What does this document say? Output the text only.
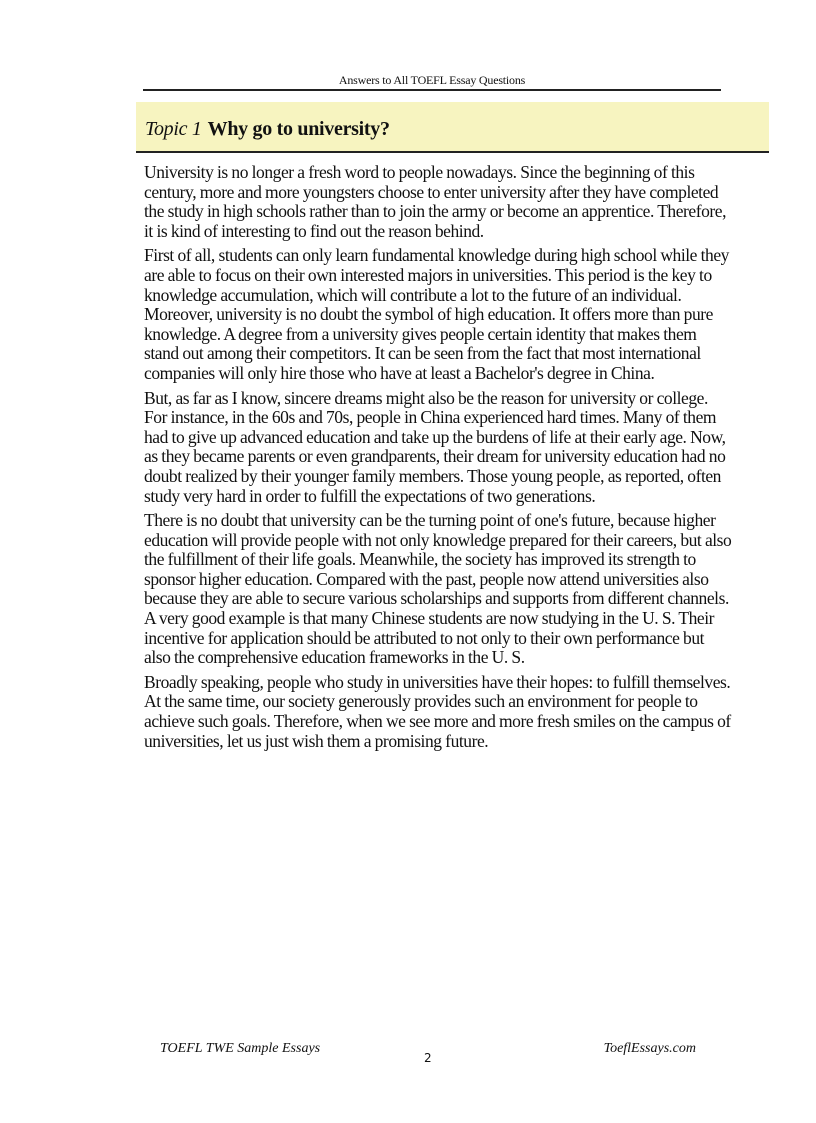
Answers to All TOEFL Essay Questions
Topic 1 Why go to university?

University is no longer a fresh word to people nowadays. Since the beginning of this century, more and more youngsters choose to enter university after they have completed the study in high schools rather than to join the army or become an apprentice. Therefore, it is kind of interesting to find out the reason behind.

First of all, students can only learn fundamental knowledge during high school while they are able to focus on their own interested majors in universities. This period is the key to knowledge accumulation, which will contribute a lot to the future of an individual. Moreover, university is no doubt the symbol of high education. It offers more than pure knowledge. A degree from a university gives people certain identity that makes them stand out among their competitors. It can be seen from the fact that most international companies will only hire those who have at least a Bachelor's degree in China.

But, as far as I know, sincere dreams might also be the reason for university or college. For instance, in the 60s and 70s, people in China experienced hard times. Many of them had to give up advanced education and take up the burdens of life at their early age. Now, as they became parents or even grandparents, their dream for university education had no doubt realized by their younger family members. Those young people, as reported, often study very hard in order to fulfill the expectations of two generations.

There is no doubt that university can be the turning point of one's future, because higher education will provide people with not only knowledge prepared for their careers, but also the fulfillment of their life goals. Meanwhile, the society has improved its strength to sponsor higher education. Compared with the past, people now attend universities also because they are able to secure various scholarships and supports from different channels. A very good example is that many Chinese students are now studying in the U. S. Their incentive for application should be attributed to not only to their own performance but also the comprehensive education frameworks in the U. S.

Broadly speaking, people who study in universities have their hopes: to fulfill themselves. At the same time, our society generously provides such an environment for people to achieve such goals. Therefore, when we see more and more fresh smiles on the campus of universities, let us just wish them a promising future.

TOEFL TWE Sample Essays
2
ToeflEssays.com
